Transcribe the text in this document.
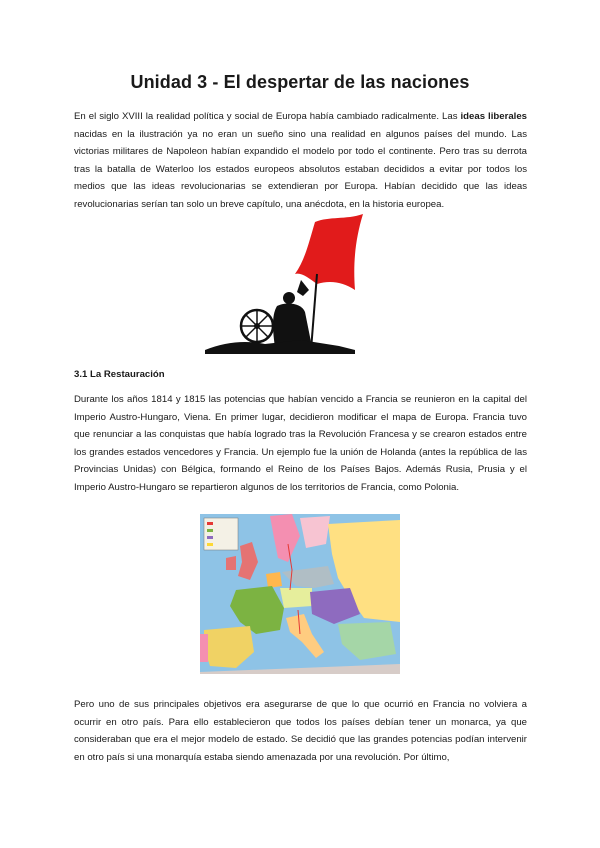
Unidad 3 - El despertar de las naciones

En el siglo XVIII la realidad política y social de Europa había cambiado radicalmente. Las ideas liberales nacidas en la ilustración ya no eran un sueño sino una realidad en algunos países del mundo. Las victorias militares de Napoleon habían expandido el modelo por todo el continente. Pero tras su derrota tras la batalla de Waterloo los estados europeos absolutos estaban decididos a evitar por todos los medios que las ideas revolucionarias se extendieran por Europa. Habían decidido que las ideas revolucionarias serían tan solo un breve capítulo, una anécdota, en la historia europea.

3.1 La Restauración

Durante los años 1814 y 1815 las potencias que habían vencido a Francia se reunieron en la capital del Imperio Austro-Hungaro, Viena. En primer lugar, decidieron modificar el mapa de Europa. Francia tuvo que renunciar a las conquistas que había logrado tras la Revolución Francesa y se crearon estados entre los grandes estados vencedores y Francia. Un ejemplo fue la unión de Holanda (antes la república de las Provincias Unidas) con Bélgica, formando el Reino de los Países Bajos. Además Rusia, Prusia y el Imperio Austro-Hungaro se repartieron algunos de los territorios de Francia, como Polonia.

Pero uno de sus principales objetivos era asegurarse de que lo que ocurrió en Francia no volviera a ocurrir en otro país. Para ello establecieron que todos los países debían tener un monarca, ya que consideraban que era el mejor modelo de estado. Se decidió que las grandes potencias podían intervenir en otro país si una monarquía estaba siendo amenazada por una revolución. Por último,
